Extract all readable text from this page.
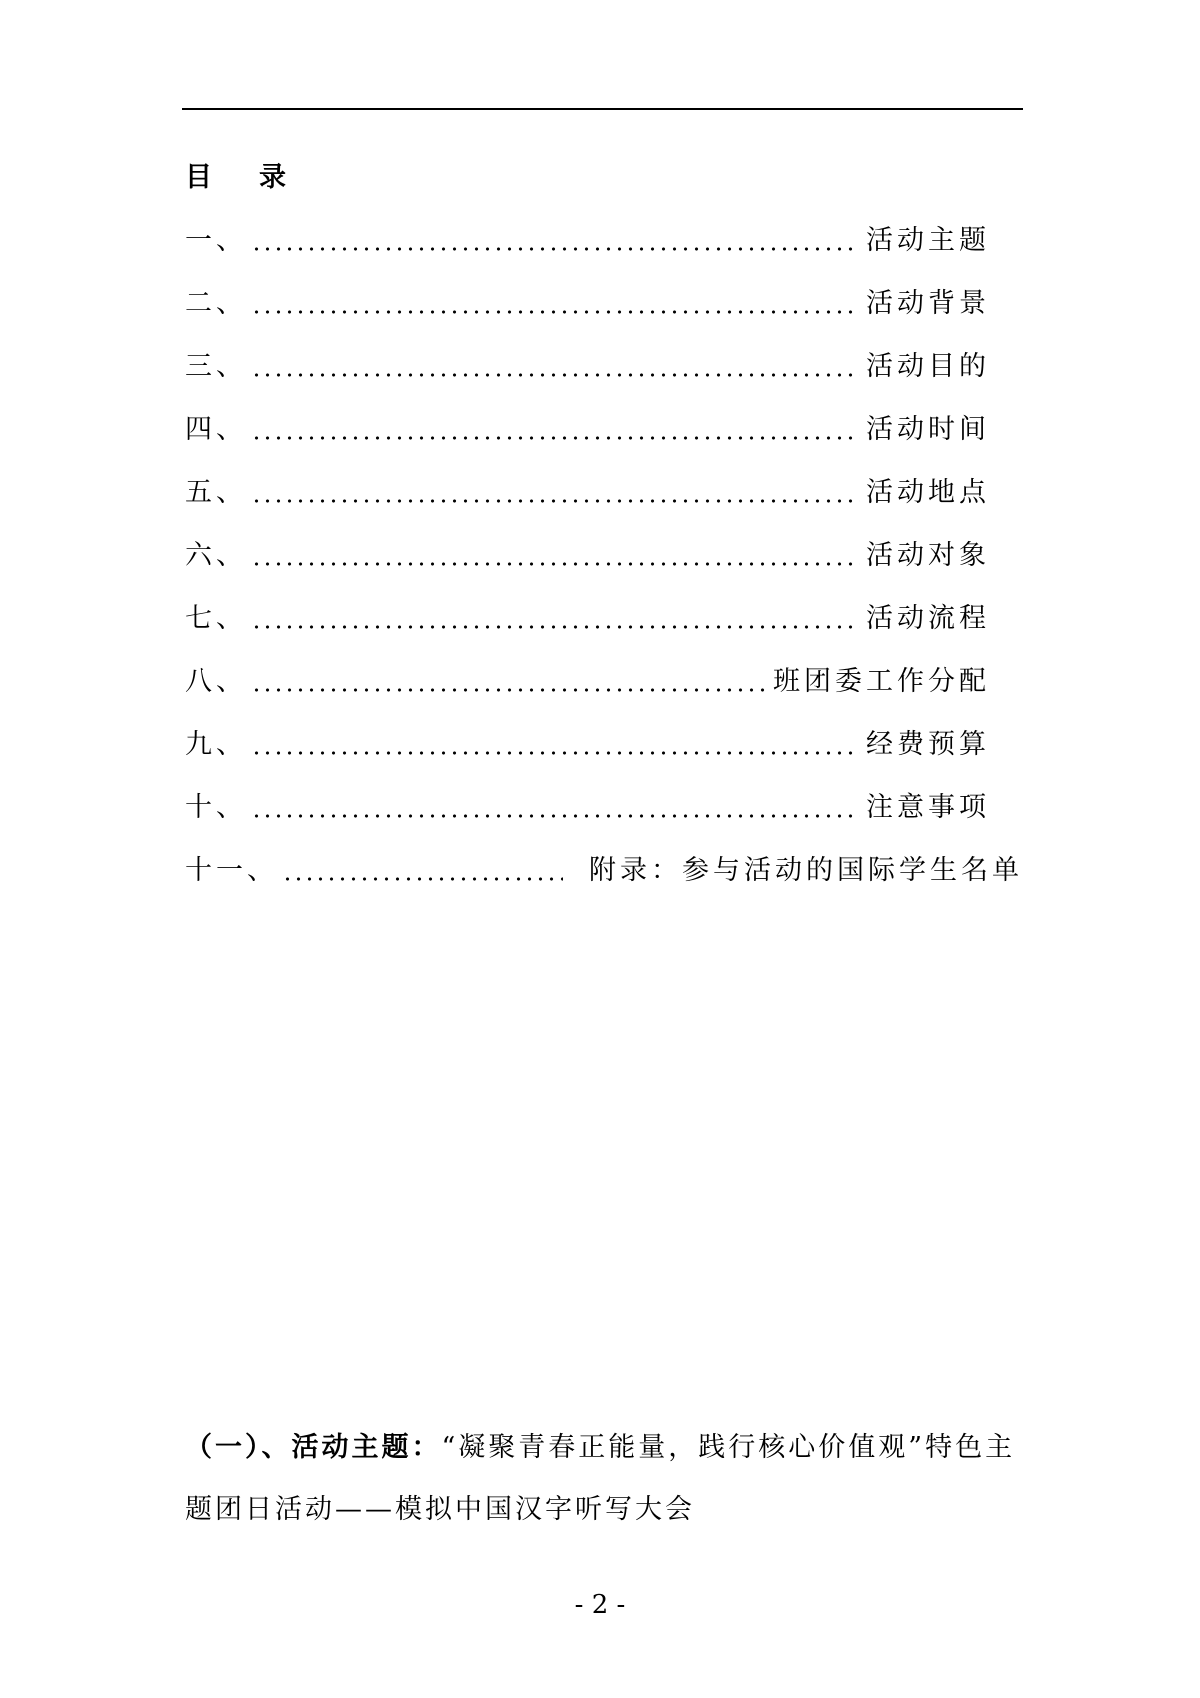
目　录
一、	活动主题
二、	活动背景
三、	活动目的
四、	活动时间
五、	活动地点
六、	活动对象
七、	活动流程
八、	班团委工作分配
九、	经费预算
十、	注意事项
十一、	附录：参与活动的国际学生名单

（一）、活动主题：“凝聚青春正能量，践行核心价值观”特色主题团日活动——模拟中国汉字听写大会

- 2 -
